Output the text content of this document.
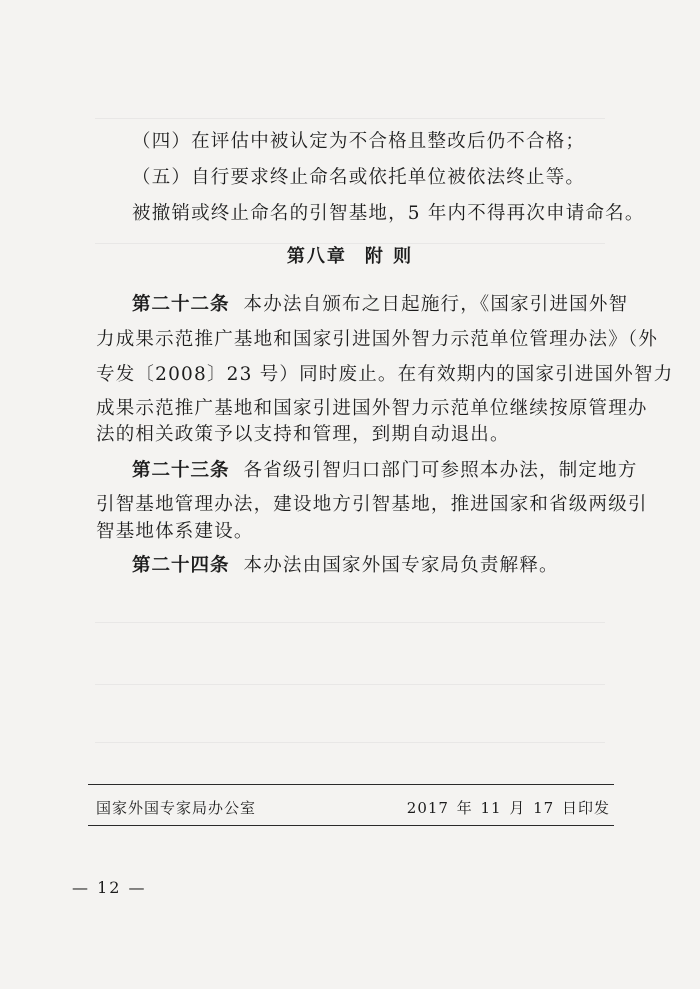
（四）在评估中被认定为不合格且整改后仍不合格；
（五）自行要求终止命名或依托单位被依法终止等。
被撤销或终止命名的引智基地，5 年内不得再次申请命名。
第八章 附 则
第二十二条 本办法自颁布之日起施行，《国家引进国外智
力成果示范推广基地和国家引进国外智力示范单位管理办法》（外
专发〔2008〕23 号）同时废止。在有效期内的国家引进国外智力
成果示范推广基地和国家引进国外智力示范单位继续按原管理办
法的相关政策予以支持和管理，到期自动退出。
第二十三条 各省级引智归口部门可参照本办法，制定地方
引智基地管理办法，建设地方引智基地，推进国家和省级两级引
智基地体系建设。
第二十四条 本办法由国家外国专家局负责解释。
国家外国专家局办公室	2017 年 11 月 17 日印发
— 12 —
